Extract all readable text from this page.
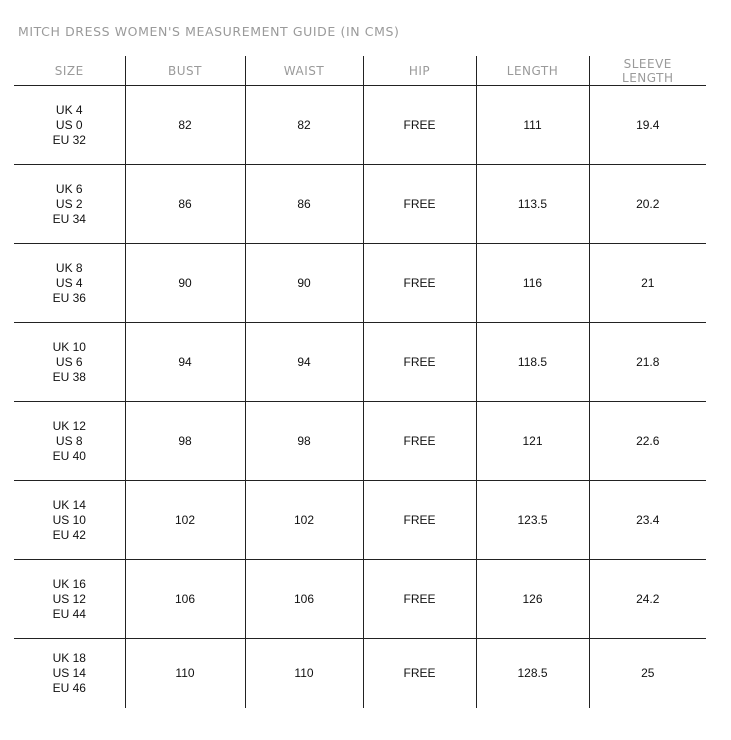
MITCH DRESS WOMEN'S MEASUREMENT GUIDE (IN CMS)
SIZE	BUST	WAIST	HIP	LENGTH	SLEEVE
LENGTH

UK 4
US 0
EU 32	82	82	FREE	111	19.4

UK 6
US 2
EU 34	86	86	FREE	113.5	20.2

UK 8
US 4
EU 36	90	90	FREE	116	21

UK 10
US 6
EU 38	94	94	FREE	118.5	21.8

UK 12
US 8
EU 40	98	98	FREE	121	22.6

UK 14
US 10
EU 42	102	102	FREE	123.5	23.4

UK 16
US 12
EU 44	106	106	FREE	126	24.2

UK 18
US 14
EU 46	110	110	FREE	128.5	25
